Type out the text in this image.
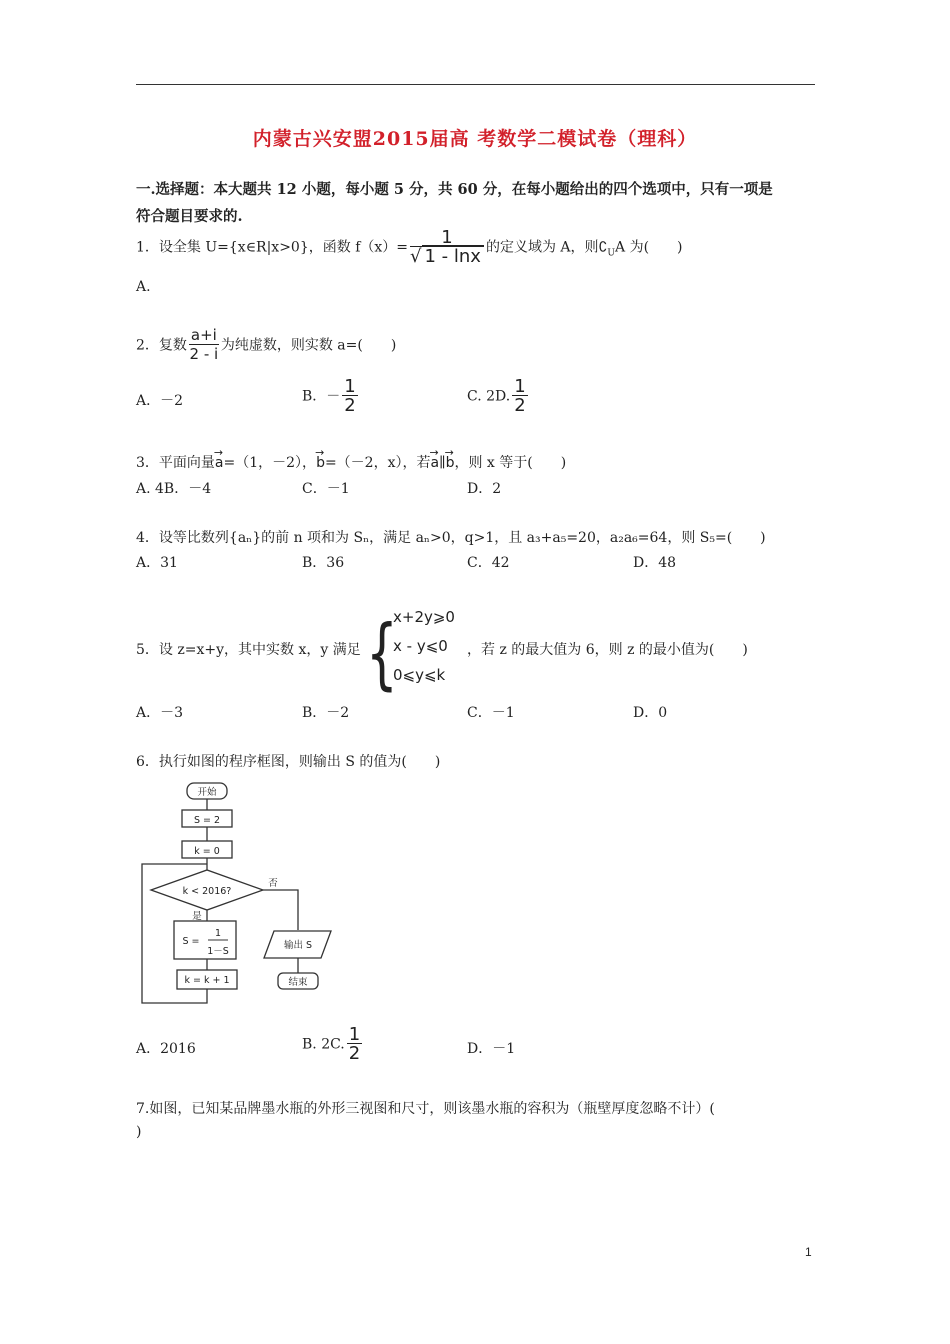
内蒙古兴安盟2015届高 考数学二模试卷（理科）
一.选择题：本大题共 12 小题，每小题 5 分，共 60 分，在每小题给出的四个选项中，只有一项是
符合题目要求的.
1．设全集 U={x∈R|x>0}，函数 $f(x)= \frac{1}{√ 1 - \ln x}$ 的定义域为 A，则$∁_UA$ 为(　　)
A.
2．复数 $\frac{a+i}{2 - i}$ 为纯虚数，则实数 a=(　　)
A．－2	B．－ $\frac{1}{2}$	C. 2D. $\frac{1}{2}$
3．平面向量→ a=（1，－2），→ b=（－2，x），若→ a∥→ b，则 x 等于(　　)
A. 4B．－4	C．－1	D．2
4．设等比数列{aₙ}的前 n 项和为 Sₙ，满足 aₙ>0，q>1，且 a₃+a₅=20，a₂a₆=64，则 S₅=(　　)
A．31	B．36	C．42	D．48
5．设 z=x+y，其中实数 x，y 满足 {
x+2y⩾0
x - y⩽0
0⩽y⩽k
，若 z 的最大值为 6，则 z 的最小值为(　　)
A．－3	B．－2	C．－1	D．0
6．执行如图的程序框图，则输出 S 的值为(　　)
开始
S = 2
k = 0
k < 2016?
否
是
S =
1
1－S
k = k + 1
输出 S
结束
A．2016	B. 2C. $\frac{1}{2}$	D．－1
7.如图，已知某品牌墨水瓶的外形三视图和尺寸，则该墨水瓶的容积为（瓶壁厚度忽略不计）(
)
1
